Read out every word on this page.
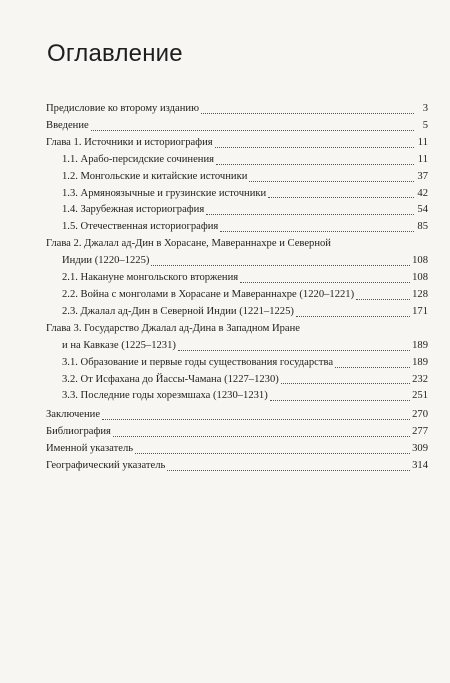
Оглавление
Предисловие ко второму изданию	3
Введение	5
Глава 1. Источники и историография	11
1.1. Арабо-персидские сочинения	11
1.2. Монгольские и китайские источники	37
1.3. Армяноязычные и грузинские источники	42
1.4. Зарубежная историография	54
1.5. Отечественная историография	85
Глава 2. Джалал ад-Дин в Хорасане, Мавераннахре и Северной
Индии (1220–1225)	108
2.1. Накануне монгольского вторжения	108
2.2. Война с монголами в Хорасане и Мавераннахре (1220–1221)	128
2.3. Джалал ад-Дин в Северной Индии (1221–1225)	171
Глава 3. Государство Джалал ад-Дина в Западном Иране
и на Кавказе (1225–1231)	189
3.1. Образование и первые годы существования государства	189
3.2. От Исфахана до Йассы-Чамана (1227–1230)	232
3.3. Последние годы хорезмшаха (1230–1231)	251
Заключение	270
Библиография	277
Именной указатель	309
Географический указатель	314
